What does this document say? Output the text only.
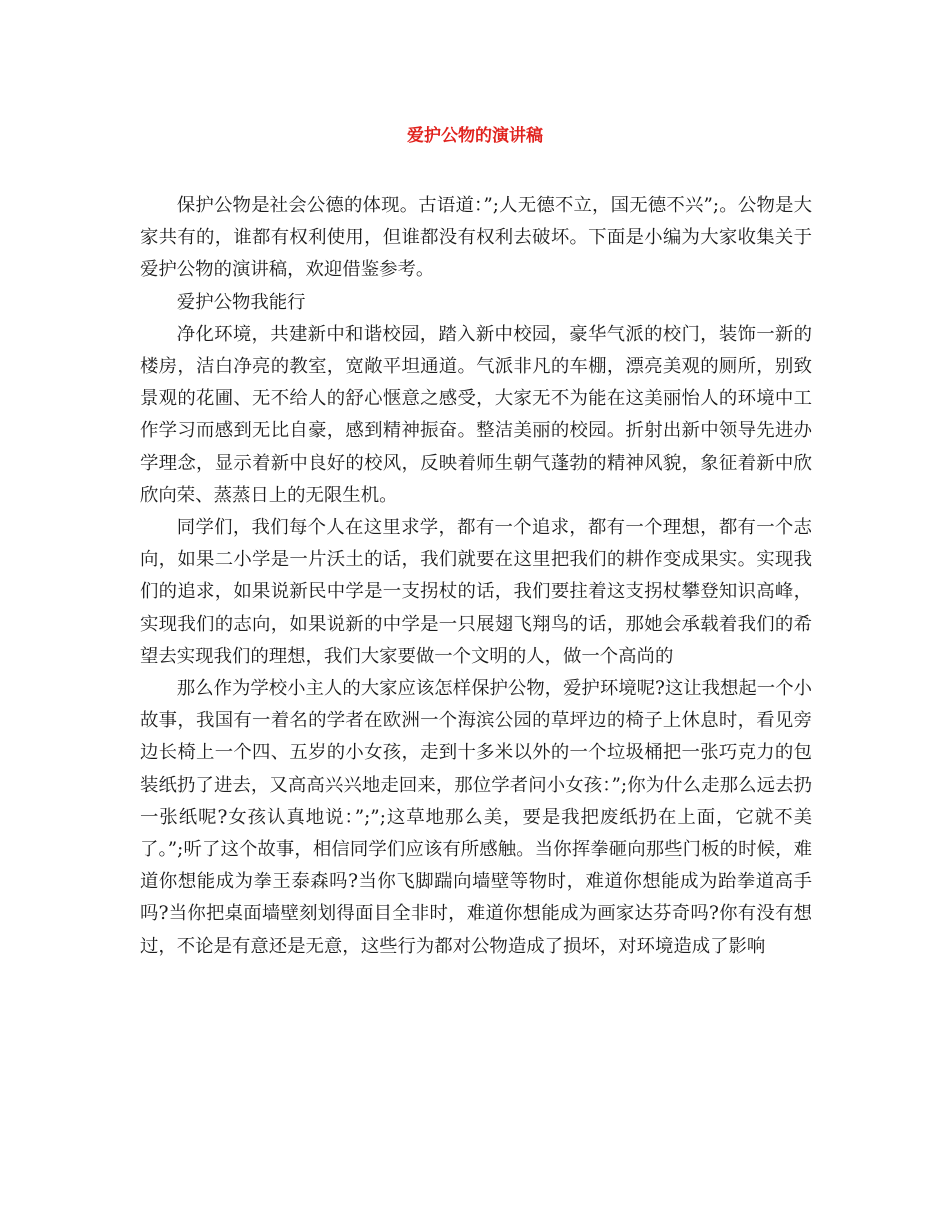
爱护公物的演讲稿

保护公物是社会公德的体现。古语道：”;人无德不立，国无德不兴”;。公物是大家共有的，谁都有权利使用，但谁都没有权利去破坏。下面是小编为大家收集关于爱护公物的演讲稿，欢迎借鉴参考。

爱护公物我能行

净化环境，共建新中和谐校园，踏入新中校园，豪华气派的校门，装饰一新的楼房，洁白净亮的教室，宽敞平坦通道。气派非凡的车棚，漂亮美观的厕所，别致景观的花圃、无不给人的舒心惬意之感受，大家无不为能在这美丽怡人的环境中工作学习而感到无比自豪，感到精神振奋。整洁美丽的校园。折射出新中领导先进办学理念，显示着新中良好的校风，反映着师生朝气蓬勃的精神风貌，象征着新中欣欣向荣、蒸蒸日上的无限生机。

同学们，我们每个人在这里求学，都有一个追求，都有一个理想，都有一个志向，如果二小学是一片沃土的话，我们就要在这里把我们的耕作变成果实。实现我们的追求，如果说新民中学是一支拐杖的话，我们要拄着这支拐杖攀登知识高峰，实现我们的志向，如果说新的中学是一只展翅飞翔鸟的话，那她会承载着我们的希望去实现我们的理想，我们大家要做一个文明的人，做一个高尚的

那么作为学校小主人的大家应该怎样保护公物，爱护环境呢?这让我想起一个小故事，我国有一着名的学者在欧洲一个海滨公园的草坪边的椅子上休息时，看见旁边长椅上一个四、五岁的小女孩，走到十多米以外的一个垃圾桶把一张巧克力的包装纸扔了进去，又高高兴兴地走回来，那位学者问小女孩：”;你为什么走那么远去扔一张纸呢?女孩认真地说：”;”;这草地那么美，要是我把废纸扔在上面，它就不美了。”;听了这个故事，相信同学们应该有所感触。当你挥拳砸向那些门板的时候，难道你想能成为拳王泰森吗?当你飞脚踹向墙壁等物时，难道你想能成为跆拳道高手吗?当你把桌面墙壁刻划得面目全非时，难道你想能成为画家达芬奇吗?你有没有想过，不论是有意还是无意，这些行为都对公物造成了损坏，对环境造成了影响
